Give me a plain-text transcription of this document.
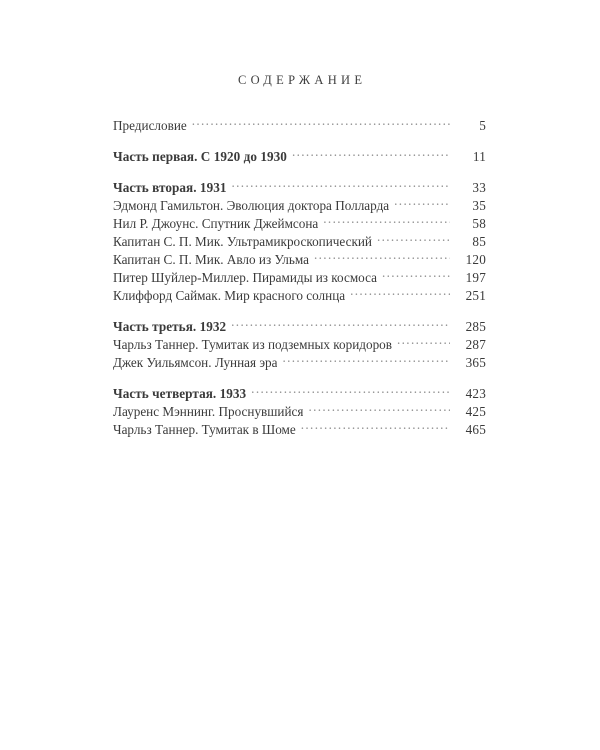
СОДЕРЖАНИЕ
Предисловие .....	5
Часть первая. С 1920 до 1930 .....	11
Часть вторая. 1931 .....	33
Эдмонд Гамильтон. Эволюция доктора Полларда .....	35
Нил Р. Джоунс. Спутник Джеймсона .....	58
Капитан С. П. Мик. Ультрамикроскопический .....	85
Капитан С. П. Мик. Авло из Ульма .....	120
Питер Шуйлер-Миллер. Пирамиды из космоса .....	197
Клиффорд Саймак. Мир красного солнца .....	251
Часть третья. 1932 .....	285
Чарльз Таннер. Тумитак из подземных коридоров .....	287
Джек Уильямсон. Лунная эра .....	365
Часть четвертая. 1933 .....	423
Лауренс Мэннинг. Проснувшийся .....	425
Чарльз Таннер. Тумитак в Шоме .....	465
